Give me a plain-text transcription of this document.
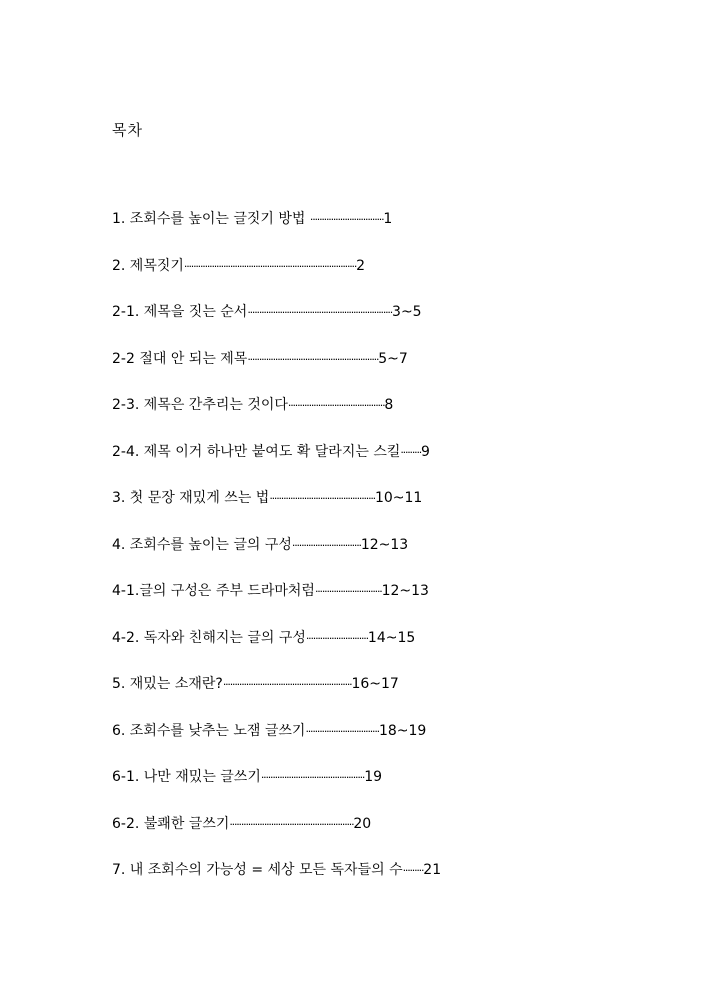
목차
1. 조회수를 높이는 글짓기 방법 ································1
2. 제목짓기···········································································2
2-1. 제목을 짓는 순서·······························································3~5
2-2 절대 안 되는 제목·························································5~7
2-3. 제목은 간추리는 것이다··········································8
2-4. 제목 이거 하나만 붙여도 확 달라지는 스킬·········9
3. 첫 문장 재밌게 쓰는 법··············································10~11
4. 조회수를 높이는 글의 구성······························12~13
4-1.글의 구성은 주부 드라마처럼·····························12~13
4-2. 독자와 친해지는 글의 구성···························14~15
5. 재밌는 소재란?························································16~17
6. 조회수를 낮추는 노잼 글쓰기································18~19
6-1. 나만 재밌는 글쓰기·············································19
6-2. 불쾌한 글쓰기······················································20
7. 내 조회수의 가능성 = 세상 모든 독자들의 수·········21
